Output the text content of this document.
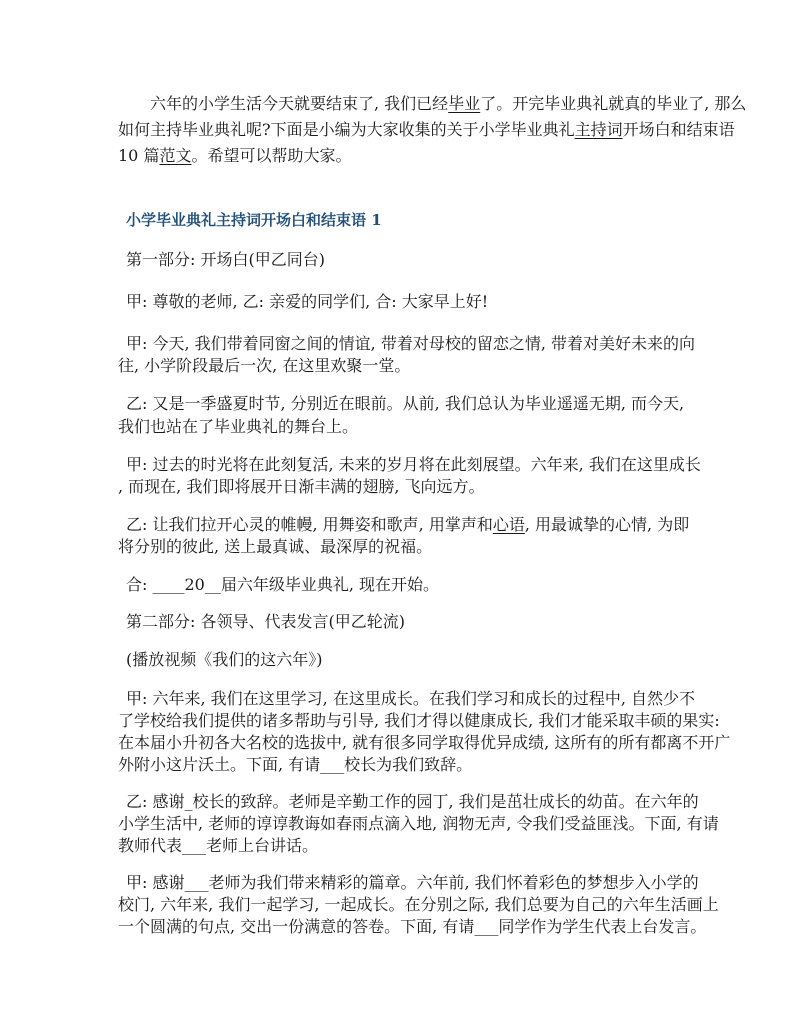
六年的小学生活今天就要结束了, 我们已经毕业了。开完毕业典礼就真的毕业了, 那么
如何主持毕业典礼呢?下面是小编为大家收集的关于小学毕业典礼主持词开场白和结束语
10 篇范文。希望可以帮助大家。
小学毕业典礼主持词开场白和结束语 1
第一部分: 开场白(甲乙同台)
甲: 尊敬的老师, 乙: 亲爱的同学们, 合: 大家早上好!
甲: 今天, 我们带着同窗之间的情谊, 带着对母校的留恋之情, 带着对美好未来的向
往, 小学阶段最后一次, 在这里欢聚一堂。
乙: 又是一季盛夏时节, 分别近在眼前。从前, 我们总认为毕业遥遥无期, 而今天,
我们也站在了毕业典礼的舞台上。
甲: 过去的时光将在此刻复活, 未来的岁月将在此刻展望。六年来, 我们在这里成长
, 而现在, 我们即将展开日渐丰满的翅膀, 飞向远方。
乙: 让我们拉开心灵的帷幔, 用舞姿和歌声, 用掌声和心语, 用最诚挚的心情, 为即
将分别的彼此, 送上最真诚、最深厚的祝福。
合: ____20__届六年级毕业典礼, 现在开始。
第二部分: 各领导、代表发言(甲乙轮流)
(播放视频《我们的这六年》)
甲: 六年来, 我们在这里学习, 在这里成长。在我们学习和成长的过程中, 自然少不
了学校给我们提供的诸多帮助与引导, 我们才得以健康成长, 我们才能采取丰硕的果实:
在本届小升初各大名校的选拔中, 就有很多同学取得优异成绩, 这所有的所有都离不开广
外附小这片沃土。下面, 有请___校长为我们致辞。
乙: 感谢_校长的致辞。老师是辛勤工作的园丁, 我们是茁壮成长的幼苗。在六年的
小学生活中, 老师的谆谆教诲如春雨点滴入地, 润物无声, 令我们受益匪浅。下面, 有请
教师代表___老师上台讲话。
甲: 感谢___老师为我们带来精彩的篇章。六年前, 我们怀着彩色的梦想步入小学的
校门, 六年来, 我们一起学习, 一起成长。在分别之际, 我们总要为自己的六年生活画上
一个圆满的句点, 交出一份满意的答卷。下面, 有请___同学作为学生代表上台发言。
